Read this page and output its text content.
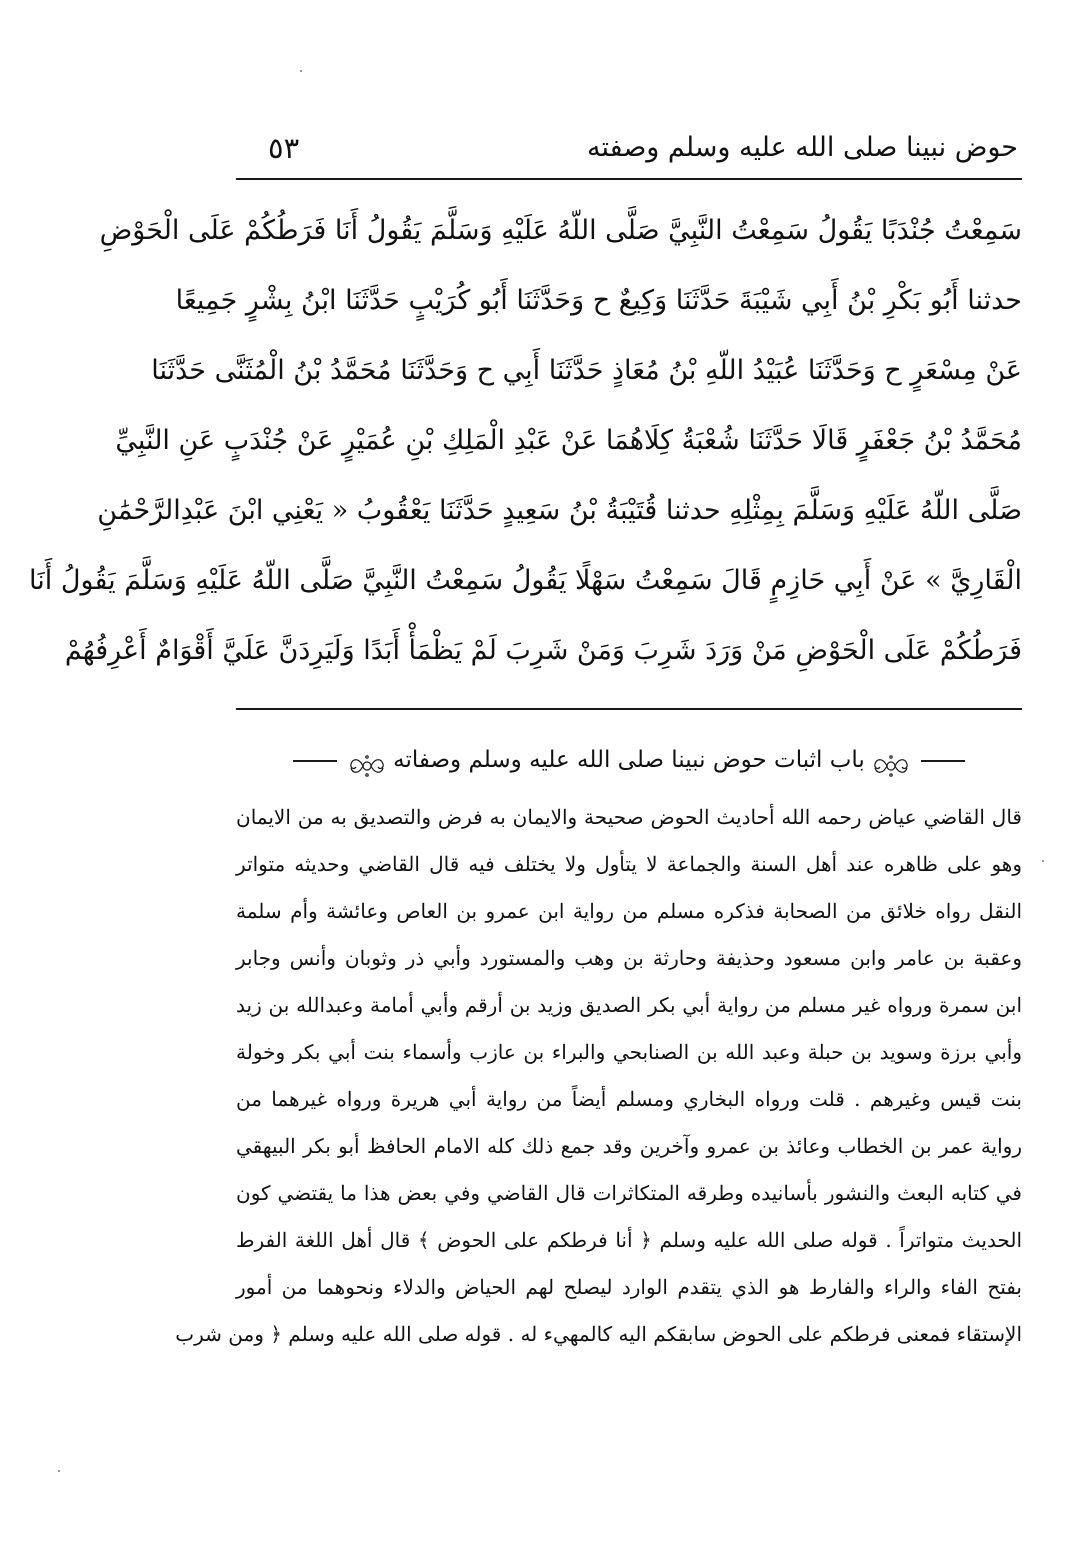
حوض نبينا صلى الله عليه وسلم وصفته
٥٣
سَمِعْتُ جُنْدَبًا يَقُولُ سَمِعْتُ النَّبِيَّ صَلَّى اللّهُ عَلَيْهِ وَسَلَّمَ يَقُولُ أَنَا فَرَطُكُمْ عَلَى الْحَوْضِ
حدثنا أَبُو بَكْرِ بْنُ أَبِي شَيْبَةَ حَدَّثَنَا وَكِيعٌ ح وَحَدَّثَنَا أَبُو كُرَيْبٍ حَدَّثَنَا ابْنُ بِشْرٍ جَمِيعًا
عَنْ مِسْعَرٍ ح وَحَدَّثَنَا عُبَيْدُ اللّهِ بْنُ مُعَاذٍ حَدَّثَنَا أَبِي ح وَحَدَّثَنَا مُحَمَّدُ بْنُ الْمُثَنَّى حَدَّثَنَا
مُحَمَّدُ بْنُ جَعْفَرٍ قَالَا حَدَّثَنَا شُعْبَةُ كِلَاهُمَا عَنْ عَبْدِ الْمَلِكِ بْنِ عُمَيْرٍ عَنْ جُنْدَبٍ عَنِ النَّبِيِّ
صَلَّى اللّهُ عَلَيْهِ وَسَلَّمَ بِمِثْلِهِ حدثنا قُتَيْبَةُ بْنُ سَعِيدٍ حَدَّثَنَا يَعْقُوبُ « يَعْنِي ابْنَ عَبْدِالرَّحْمَٰنِ
الْقَارِيَّ » عَنْ أَبِي حَازِمٍ قَالَ سَمِعْتُ سَهْلًا يَقُولُ سَمِعْتُ النَّبِيَّ صَلَّى اللّهُ عَلَيْهِ وَسَلَّمَ يَقُولُ أَنَا
فَرَطُكُمْ عَلَى الْحَوْضِ مَنْ وَرَدَ شَرِبَ وَمَنْ شَرِبَ لَمْ يَظْمَأْ أَبَدًا وَلَيَرِدَنَّ عَلَيَّ أَقْوَامٌ أَعْرِفُهُمْ
باب اثبات حوض نبينا صلى الله عليه وسلم وصفاته
قال القاضي عياض رحمه الله أحاديث الحوض صحيحة والايمان به فرض والتصديق به من الايمان
وهو على ظاهره عند أهل السنة والجماعة لا يتأول ولا يختلف فيه قال القاضي وحديثه متواتر
النقل رواه خلائق من الصحابة فذكره مسلم من رواية ابن عمرو بن العاص وعائشة وأم سلمة
وعقبة بن عامر وابن مسعود وحذيفة وحارثة بن وهب والمستورد وأبي ذر وثوبان وأنس وجابر
ابن سمرة ورواه غير مسلم من رواية أبي بكر الصديق وزيد بن أرقم وأبي أمامة وعبدالله بن زيد
وأبي برزة وسويد بن حبلة وعبد الله بن الصنابحي والبراء بن عازب وأسماء بنت أبي بكر وخولة
بنت قيس وغيرهم . قلت ورواه البخاري ومسلم أيضاً من رواية أبي هريرة ورواه غيرهما من
رواية عمر بن الخطاب وعائذ بن عمرو وآخرين وقد جمع ذلك كله الامام الحافظ أبو بكر البيهقي
في كتابه البعث والنشور بأسانيده وطرقه المتكاثرات قال القاضي وفي بعض هذا ما يقتضي كون
الحديث متواتراً . قوله صلى الله عليه وسلم ﴿ أنا فرطكم على الحوض ﴾ قال أهل اللغة الفرط
بفتح الفاء والراء والفارط هو الذي يتقدم الوارد ليصلح لهم الحياض والدلاء ونحوهما من أمور
الإستقاء فمعنى فرطكم على الحوض سابقكم اليه كالمهيء له . قوله صلى الله عليه وسلم ﴿ ومن شرب
